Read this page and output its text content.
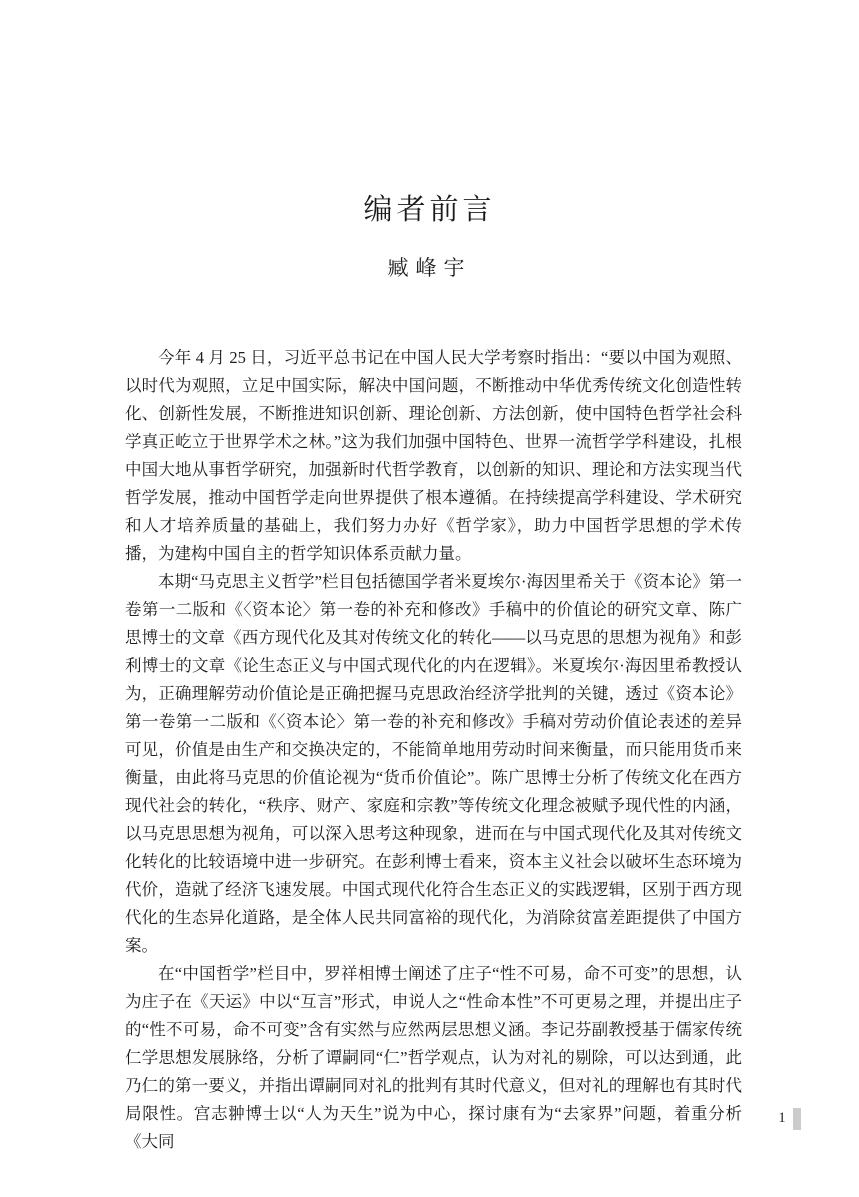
编者前言
臧峰宇

今年 4 月 25 日，习近平总书记在中国人民大学考察时指出：“要以中国为观照、以时代为观照，立足中国实际，解决中国问题，不断推动中华优秀传统文化创造性转化、创新性发展，不断推进知识创新、理论创新、方法创新，使中国特色哲学社会科学真正屹立于世界学术之林。”这为我们加强中国特色、世界一流哲学学科建设，扎根中国大地从事哲学研究，加强新时代哲学教育，以创新的知识、理论和方法实现当代哲学发展，推动中国哲学走向世界提供了根本遵循。在持续提高学科建设、学术研究和人才培养质量的基础上，我们努力办好《哲学家》，助力中国哲学思想的学术传播，为建构中国自主的哲学知识体系贡献力量。

本期“马克思主义哲学”栏目包括德国学者米夏埃尔·海因里希关于《资本论》第一卷第一二版和《〈资本论〉第一卷的补充和修改》手稿中的价值论的研究文章、陈广思博士的文章《西方现代化及其对传统文化的转化——以马克思的思想为视角》和彭利博士的文章《论生态正义与中国式现代化的内在逻辑》。米夏埃尔·海因里希教授认为，正确理解劳动价值论是正确把握马克思政治经济学批判的关键，透过《资本论》第一卷第一二版和《〈资本论〉第一卷的补充和修改》手稿对劳动价值论表述的差异可见，价值是由生产和交换决定的，不能简单地用劳动时间来衡量，而只能用货币来衡量，由此将马克思的价值论视为“货币价值论”。陈广思博士分析了传统文化在西方现代社会的转化，“秩序、财产、家庭和宗教”等传统文化理念被赋予现代性的内涵，以马克思思想为视角，可以深入思考这种现象，进而在与中国式现代化及其对传统文化转化的比较语境中进一步研究。在彭利博士看来，资本主义社会以破坏生态环境为代价，造就了经济飞速发展。中国式现代化符合生态正义的实践逻辑，区别于西方现代化的生态异化道路，是全体人民共同富裕的现代化，为消除贫富差距提供了中国方案。

在“中国哲学”栏目中，罗祥相博士阐述了庄子“性不可易，命不可变”的思想，认为庄子在《天运》中以“互言”形式，申说人之“性命本性”不可更易之理，并提出庄子的“性不可易，命不可变”含有实然与应然两层思想义涵。李记芬副教授基于儒家传统仁学思想发展脉络，分析了谭嗣同“仁”哲学观点，认为对礼的剔除，可以达到通，此乃仁的第一要义，并指出谭嗣同对礼的批判有其时代意义，但对礼的理解也有其时代局限性。宫志翀博士以“人为天生”说为中心，探讨康有为“去家界”问题，着重分析《大同

1
